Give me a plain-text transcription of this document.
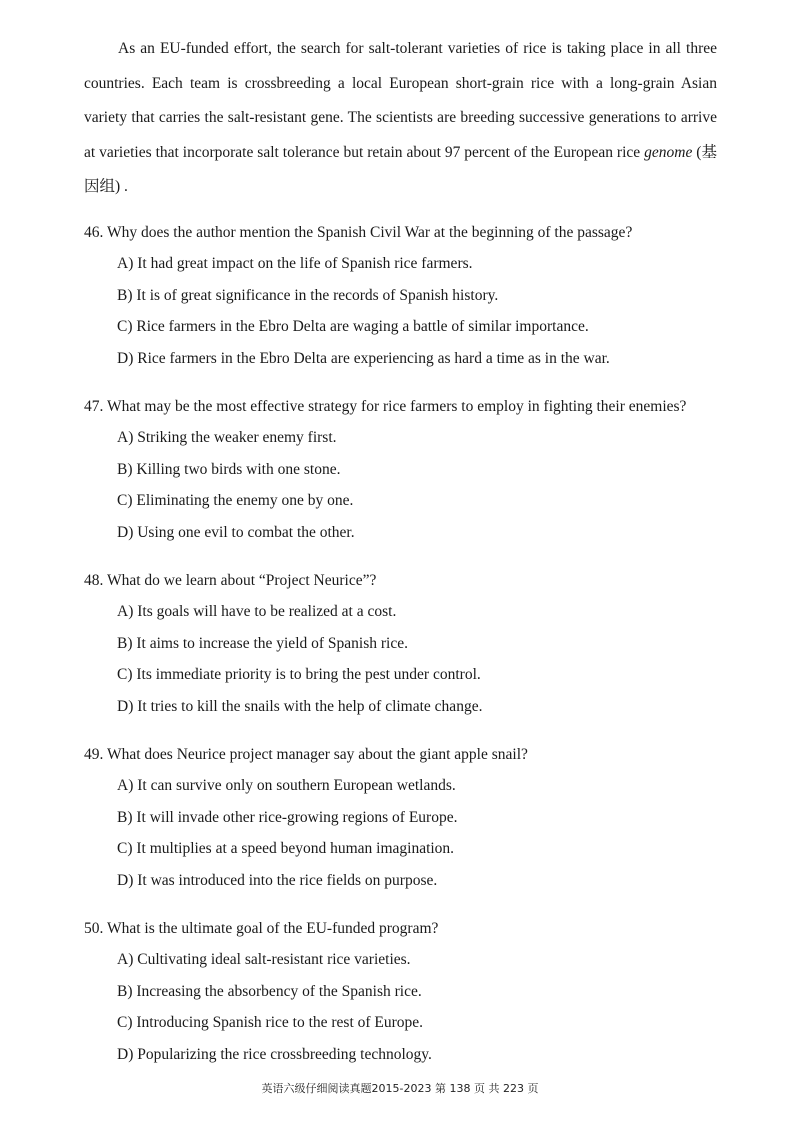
As an EU-funded effort, the search for salt-tolerant varieties of rice is taking place in all three countries. Each team is crossbreeding a local European short-grain rice with a long-grain Asian variety that carries the salt-resistant gene. The scientists are breeding successive generations to arrive at varieties that incorporate salt tolerance but retain about 97 percent of the European rice genome (基因组) .

46. Why does the author mention the Spanish Civil War at the beginning of the passage?

A) It had great impact on the life of Spanish rice farmers.

B) It is of great significance in the records of Spanish history.

C) Rice farmers in the Ebro Delta are waging a battle of similar importance.

D) Rice farmers in the Ebro Delta are experiencing as hard a time as in the war.

47. What may be the most effective strategy for rice farmers to employ in fighting their enemies?

A) Striking the weaker enemy first.

B) Killing two birds with one stone.

C) Eliminating the enemy one by one.

D) Using one evil to combat the other.

48. What do we learn about “Project Neurice”?

A) Its goals will have to be realized at a cost.

B) It aims to increase the yield of Spanish rice.

C) Its immediate priority is to bring the pest under control.

D) It tries to kill the snails with the help of climate change.

49. What does Neurice project manager say about the giant apple snail?

A) It can survive only on southern European wetlands.

B) It will invade other rice-growing regions of Europe.

C) It multiplies at a speed beyond human imagination.

D) It was introduced into the rice fields on purpose.

50. What is the ultimate goal of the EU-funded program?

A) Cultivating ideal salt-resistant rice varieties.

B) Increasing the absorbency of the Spanish rice.

C) Introducing Spanish rice to the rest of Europe.

D) Popularizing the rice crossbreeding technology.

英语六级仔细阅读真题2015-2023 第 138 页 共 223 页
